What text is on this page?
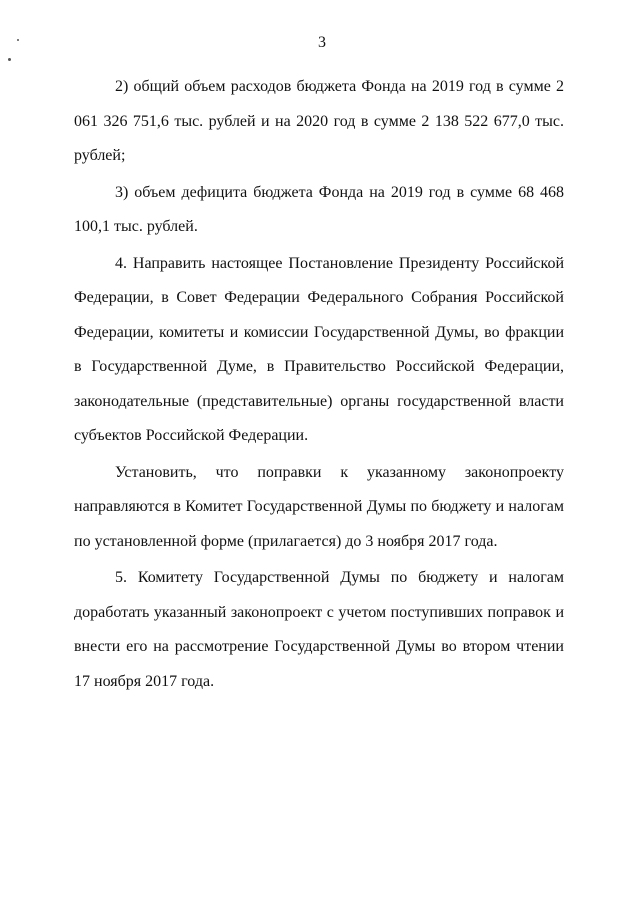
3

2) общий объем расходов бюджета Фонда на 2019 год в сумме 2 061 326 751,6 тыс. рублей и на 2020 год в сумме 2 138 522 677,0 тыс. рублей;

3) объем дефицита бюджета Фонда на 2019 год в сумме 68 468 100,1 тыс. рублей.

4. Направить настоящее Постановление Президенту Российской Федерации, в Совет Федерации Федерального Собрания Российской Федерации, комитеты и комиссии Государственной Думы, во фракции в Государственной Думе, в Правительство Российской Федерации, законодательные (представительные) органы государственной власти субъектов Российской Федерации.

Установить, что поправки к указанному законопроекту направляются в Комитет Государственной Думы по бюджету и налогам по установленной форме (прилагается) до 3 ноября 2017 года.

5. Комитету Государственной Думы по бюджету и налогам доработать указанный законопроект с учетом поступивших поправок и внести его на рассмотрение Государственной Думы во втором чтении 17 ноября 2017 года.
